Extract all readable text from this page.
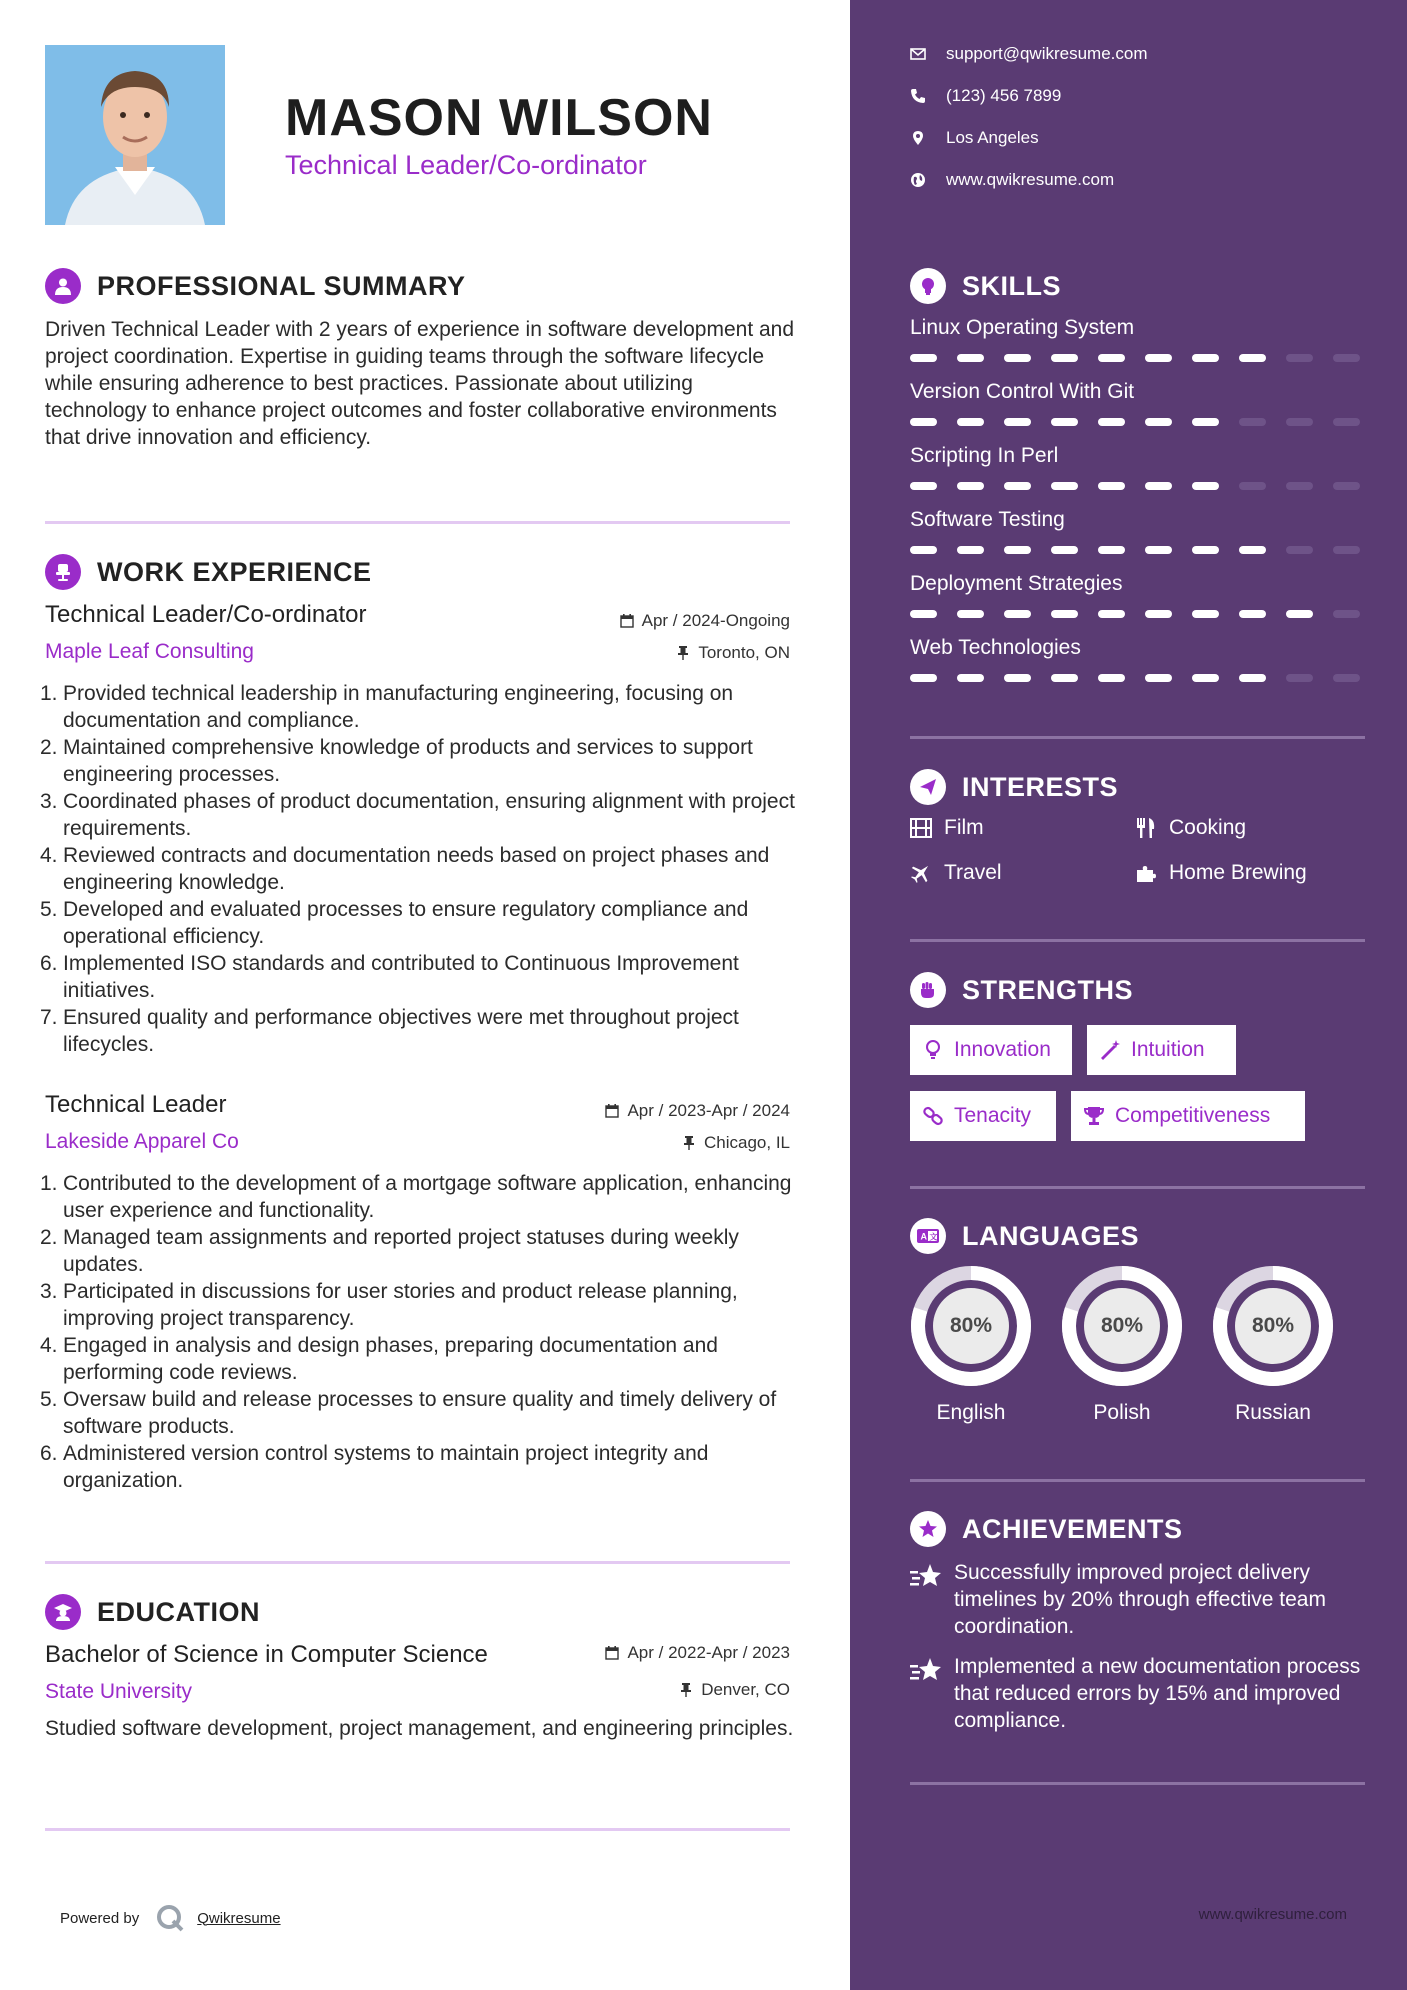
MASON WILSON
Technical Leader/Co-ordinator
PROFESSIONAL SUMMARY
Driven Technical Leader with 2 years of experience in software development and project coordination. Expertise in guiding teams through the software lifecycle while ensuring adherence to best practices. Passionate about utilizing technology to enhance project outcomes and foster collaborative environments that drive innovation and efficiency.
WORK EXPERIENCE
Technical Leader/Co-ordinator	Apr / 2024-Ongoing
Maple Leaf Consulting	Toronto, ON
1. Provided technical leadership in manufacturing engineering, focusing on documentation and compliance.
2. Maintained comprehensive knowledge of products and services to support engineering processes.
3. Coordinated phases of product documentation, ensuring alignment with project requirements.
4. Reviewed contracts and documentation needs based on project phases and engineering knowledge.
5. Developed and evaluated processes to ensure regulatory compliance and operational efficiency.
6. Implemented ISO standards and contributed to Continuous Improvement initiatives.
7. Ensured quality and performance objectives were met throughout project lifecycles.
Technical Leader	Apr / 2023-Apr / 2024
Lakeside Apparel Co	Chicago, IL
1. Contributed to the development of a mortgage software application, enhancing user experience and functionality.
2. Managed team assignments and reported project statuses during weekly updates.
3. Participated in discussions for user stories and product release planning, improving project transparency.
4. Engaged in analysis and design phases, preparing documentation and performing code reviews.
5. Oversaw build and release processes to ensure quality and timely delivery of software products.
6. Administered version control systems to maintain project integrity and organization.
EDUCATION
Bachelor of Science in Computer Science	Apr / 2022-Apr / 2023
State University	Denver, CO
Studied software development, project management, and engineering principles.
Powered by	Qwikresume
support@qwikresume.com
(123) 456 7899
Los Angeles
www.qwikresume.com
SKILLS
Linux Operating System
Version Control With Git
Scripting In Perl
Software Testing
Deployment Strategies
Web Technologies
INTERESTS
Film	Cooking
Travel	Home Brewing
STRENGTHS
Innovation	Intuition
Tenacity	Competitiveness
A 文 LANGUAGES
80%
English
80%
Polish
80%
Russian
ACHIEVEMENTS
Successfully improved project delivery timelines by 20% through effective team coordination.
Implemented a new documentation process that reduced errors by 15% and improved compliance.
www.qwikresume.com
